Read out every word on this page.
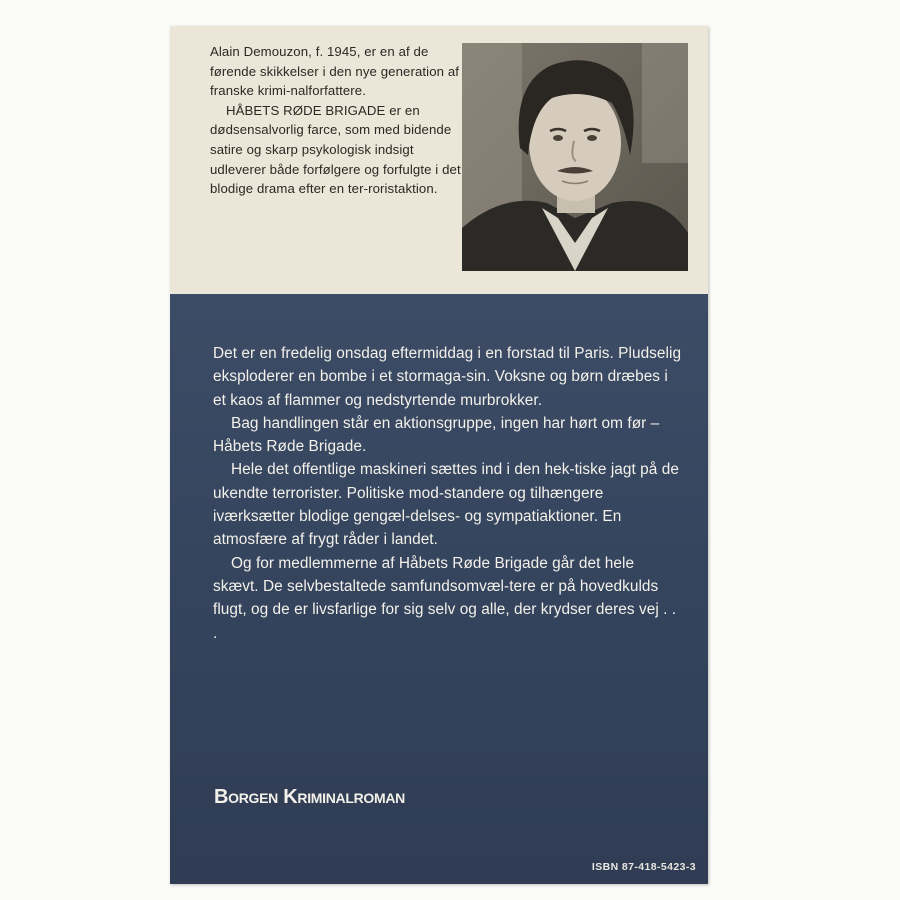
Alain Demouzon, f. 1945, er en af de førende skikkelser i den nye generation af franske krimi-nalforfattere.

HÅBETS RØDE BRIGADE er en dødsensalvorlig farce, som med bidende satire og skarp psykologisk indsigt udleverer både forfølgere og forfulgte i det blodige drama efter en ter-roristaktion.

Det er en fredelig onsdag eftermiddag i en forstad til Paris. Pludselig eksploderer en bombe i et stormaga-sin. Voksne og børn dræbes i et kaos af flammer og nedstyrtende murbrokker.

Bag handlingen står en aktionsgruppe, ingen har hørt om før – Håbets Røde Brigade.

Hele det offentlige maskineri sættes ind i den hek-tiske jagt på de ukendte terrorister. Politiske mod-standere og tilhængere iværksætter blodige gengæl-delses- og sympatiaktioner. En atmosfære af frygt råder i landet.

Og for medlemmerne af Håbets Røde Brigade går det hele skævt. De selvbestaltede samfundsomvæl-tere er på hovedkulds flugt, og de er livsfarlige for sig selv og alle, der krydser deres vej . . .

Borgen Kriminalroman
ISBN 87-418-5423-3
